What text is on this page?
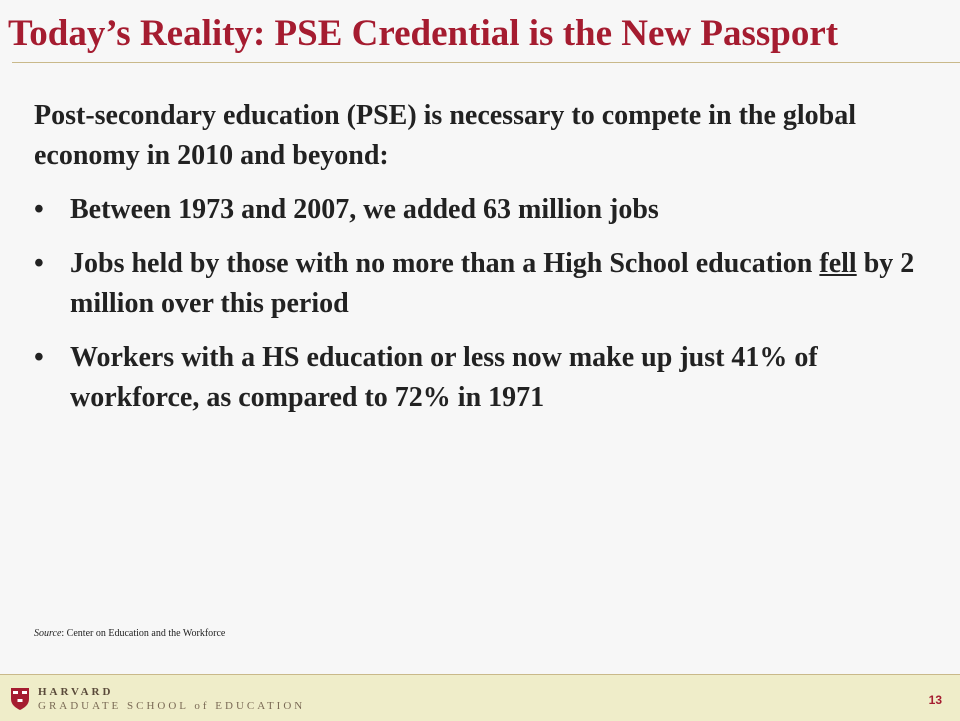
Today’s Reality: PSE Credential is the New Passport

Post-secondary education (PSE) is necessary to compete in the global economy in 2010 and beyond:

• Between 1973 and 2007, we added 63 million jobs
• Jobs held by those with no more than a High School education fell by 2 million over this period
• Workers with a HS education or less now make up just 41% of workforce, as compared to 72% in 1971
Source: Center on Education and the Workforce
HARVARD
GRADUATE SCHOOL of EDUCATION	13
